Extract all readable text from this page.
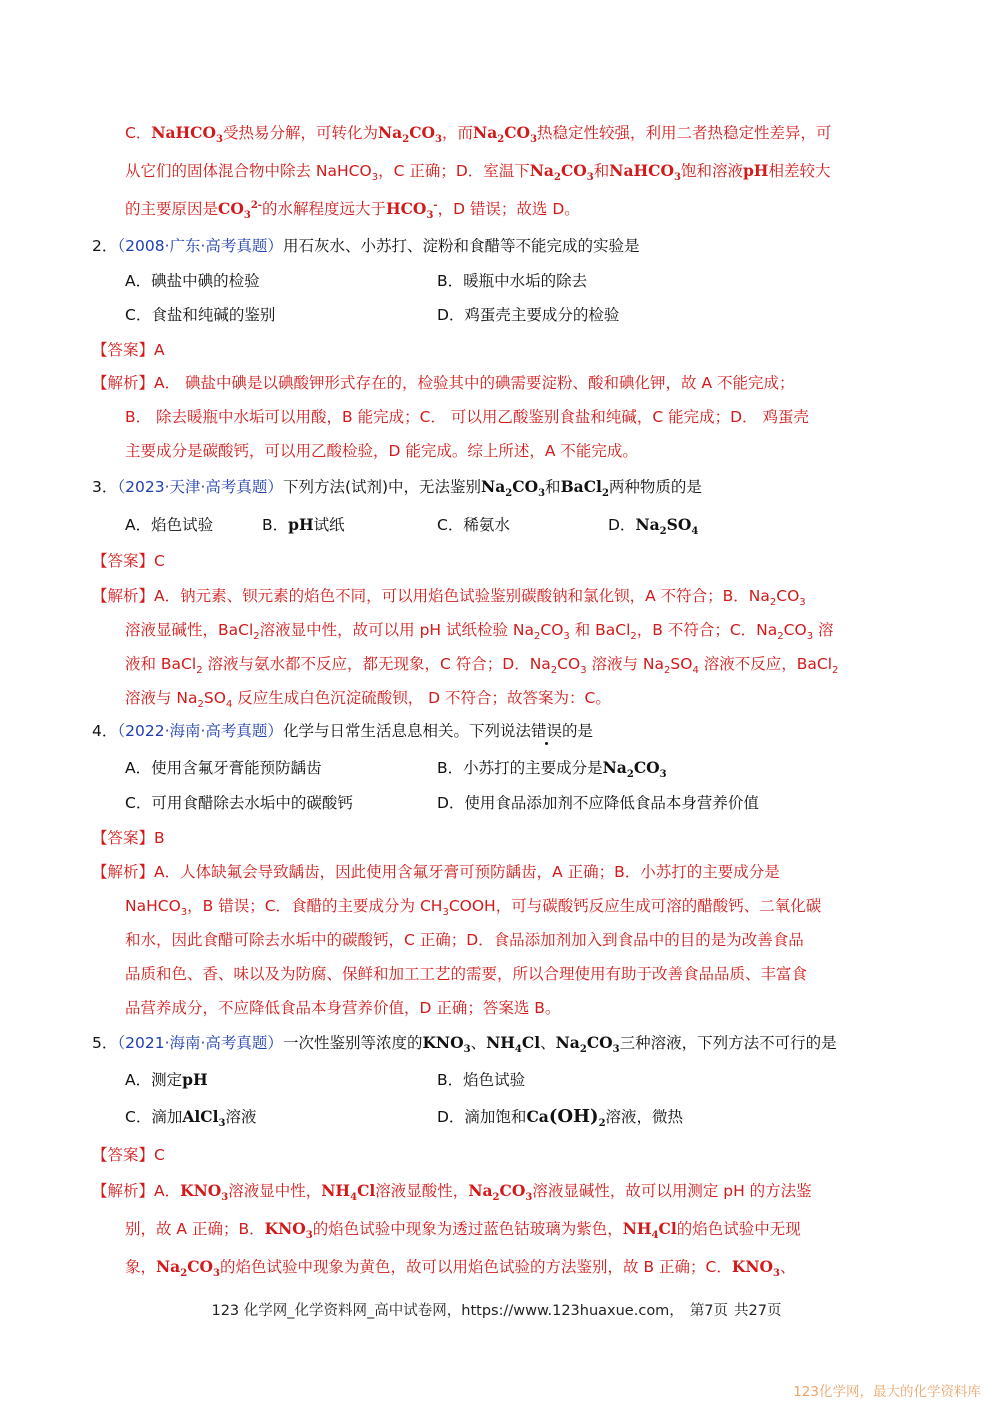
C．NaHCO$_3$受热易分解，可转化为$Na_2CO_3$，而$Na_2CO_3$热稳定性较强，利用二者热稳定性差异，可
从它们的固体混合物中除去 NaHCO$_3$，C 正确；D．室温下$Na_2CO_3$和NaHCO$_3$饱和溶液pH相差较大
的主要原因是$CO_3^{2-}$的水解程度远大于$HCO_3^-$，D 错误；故选 D。
2．（2008·广东·高考真题）用石灰水、小苏打、淀粉和食醋等不能完成的实验是
A．碘盐中碘的检验	B．暖瓶中水垢的除去
C．食盐和纯碱的鉴别	D．鸡蛋壳主要成分的检验
【答案】A
【解析】A． 碘盐中碘是以碘酸钾形式存在的，检验其中的碘需要淀粉、酸和碘化钾，故 A 不能完成；
B． 除去暖瓶中水垢可以用酸，B 能完成；C． 可以用乙酸鉴别食盐和纯碱，C 能完成；D． 鸡蛋壳
主要成分是碳酸钙，可以用乙酸检验，D 能完成。综上所述，A 不能完成。
3．（2023·天津·高考真题）下列方法(试剂)中，无法鉴别$Na_2CO_3$和BaCl$_2$两种物质的是
A．焰色试验	B．pH试纸	C．稀氨水	D．$Na_2SO_4$
【答案】C
【解析】A．钠元素、钡元素的焰色不同，可以用焰色试验鉴别碳酸钠和氯化钡，A 不符合；B．$Na_2CO_3$
溶液显碱性，BaCl$_2$溶液显中性，故可以用 pH 试纸检验 $Na_2CO_3$ 和 BaCl$_2$，B 不符合；C．$Na_2CO_3$ 溶
液和 BaCl$_2$ 溶液与氨水都不反应，都无现象，C 符合；D．$Na_2CO_3$ 溶液与 $Na_2SO_4$ 溶液不反应，BaCl$_2$
溶液与 $Na_2SO_4$ 反应生成白色沉淀硫酸钡， D 不符合；故答案为：C。
4．（2022·海南·高考真题）化学与日常生活息息相关。下列说法错误的是
A．使用含氟牙膏能预防龋齿	B．小苏打的主要成分是$Na_2CO_3$
C．可用食醋除去水垢中的碳酸钙	D．使用食品添加剂不应降低食品本身营养价值
【答案】B
【解析】A．人体缺氟会导致龋齿，因此使用含氟牙膏可预防龋齿，A 正确；B．小苏打的主要成分是
NaHCO$_3$，B 错误；C．食醋的主要成分为 $CH_3COOH$，可与碳酸钙反应生成可溶的醋酸钙、二氧化碳
和水，因此食醋可除去水垢中的碳酸钙，C 正确；D．食品添加剂加入到食品中的目的是为改善食品
品质和色、香、味以及为防腐、保鲜和加工工艺的需要，所以合理使用有助于改善食品品质、丰富食
品营养成分，不应降低食品本身营养价值，D 正确；答案选 B。
5．（2021·海南·高考真题）一次性鉴别等浓度的$KNO_3$、$NH_4Cl$、$Na_2CO_3$三种溶液，下列方法不可行的是
A．测定pH	B．焰色试验
C．滴加AlCl$_3$溶液	D．滴加饱和$Ca(OH)_2$溶液，微热
【答案】C
【解析】A．$KNO_3$溶液显中性，$NH_4Cl$溶液显酸性，$Na_2CO_3$溶液显碱性，故可以用测定 pH 的方法鉴
别，故 A 正确；B．$KNO_3$的焰色试验中现象为透过蓝色钴玻璃为紫色，$NH_4Cl$的焰色试验中无现
象，$Na_2CO_3$的焰色试验中现象为黄色，故可以用焰色试验的方法鉴别，故 B 正确；C．$KNO_3$、
123 化学网_化学资料网_高中试卷网，https://www.123huaxue.com， 第7页 共27页
123化学网，最大的化学资料库
